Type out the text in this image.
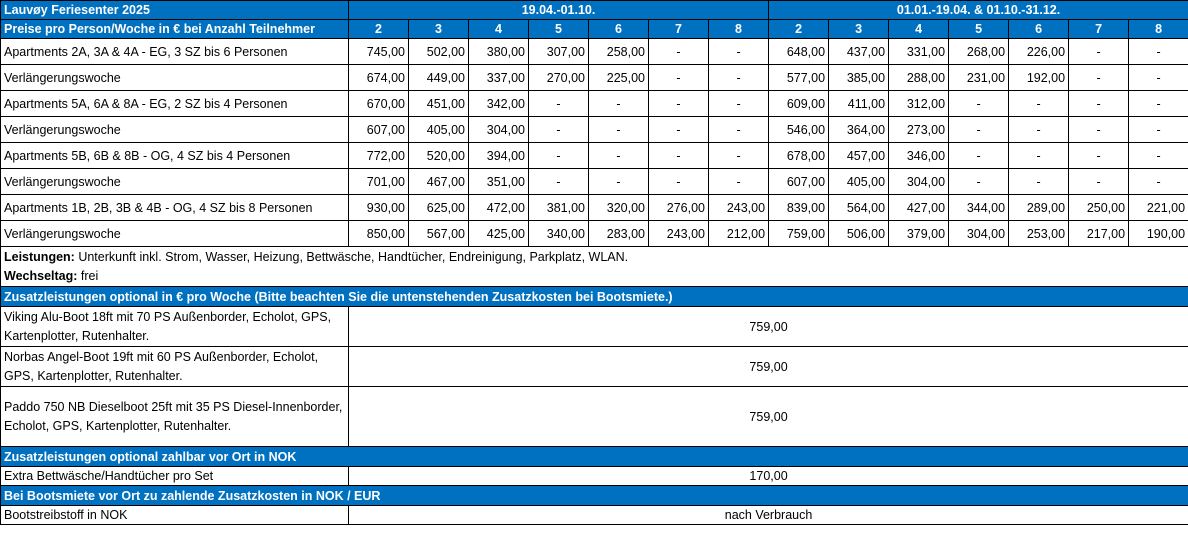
Lauvøy Feriesenter 2025	19.04.-01.10.							01.01.-19.04. & 01.10.-31.12.						
Preise pro Person/Woche in € bei Anzahl Teilnehmer	2	3	4	5	6	7	8	2	3	4	5	6	7	8
Apartments 2A, 3A & 4A - EG, 3 SZ bis 6 Personen	745,00	502,00	380,00	307,00	258,00	-	-	648,00	437,00	331,00	268,00	226,00	-	-
Verlängerungswoche	674,00	449,00	337,00	270,00	225,00	-	-	577,00	385,00	288,00	231,00	192,00	-	-
Apartments 5A, 6A & 8A - EG, 2 SZ bis 4 Personen	670,00	451,00	342,00	-	-	-	-	609,00	411,00	312,00	-	-	-	-
Verlängerungswoche	607,00	405,00	304,00	-	-	-	-	546,00	364,00	273,00	-	-	-	-
Apartments 5B, 6B & 8B - OG, 4 SZ bis 4 Personen	772,00	520,00	394,00	-	-	-	-	678,00	457,00	346,00	-	-	-	-
Verlängerungswoche	701,00	467,00	351,00	-	-	-	-	607,00	405,00	304,00	-	-	-	-
Apartments 1B, 2B, 3B & 4B - OG, 4 SZ bis 8 Personen	930,00	625,00	472,00	381,00	320,00	276,00	243,00	839,00	564,00	427,00	344,00	289,00	250,00	221,00
Verlängerungswoche	850,00	567,00	425,00	340,00	283,00	243,00	212,00	759,00	506,00	379,00	304,00	253,00	217,00	190,00
Leistungen: Unterkunft inkl. Strom, Wasser, Heizung, Bettwäsche, Handtücher, Endreinigung, Parkplatz, WLAN.														
Wechseltag: frei														
Zusatzleistungen optional in € pro Woche (Bitte beachten Sie die untenstehenden Zusatzkosten bei Bootsmiete.)														
Viking Alu-Boot 18ft mit 70 PS Außenborder, Echolot, GPS, Kartenplotter, Rutenhalter.	759,00													
Norbas Angel-Boot 19ft mit 60 PS Außenborder, Echolot, GPS, Kartenplotter, Rutenhalter.	759,00													
Paddo 750 NB Dieselboot 25ft mit 35 PS Diesel-Innenborder, Echolot, GPS, Kartenplotter, Rutenhalter.	759,00													
Zusatzleistungen optional zahlbar vor Ort in NOK														
Extra Bettwäsche/Handtücher pro Set	170,00													
Bei Bootsmiete vor Ort zu zahlende Zusatzkosten in NOK / EUR														
Bootstreibstoff in NOK	nach Verbrauch													
